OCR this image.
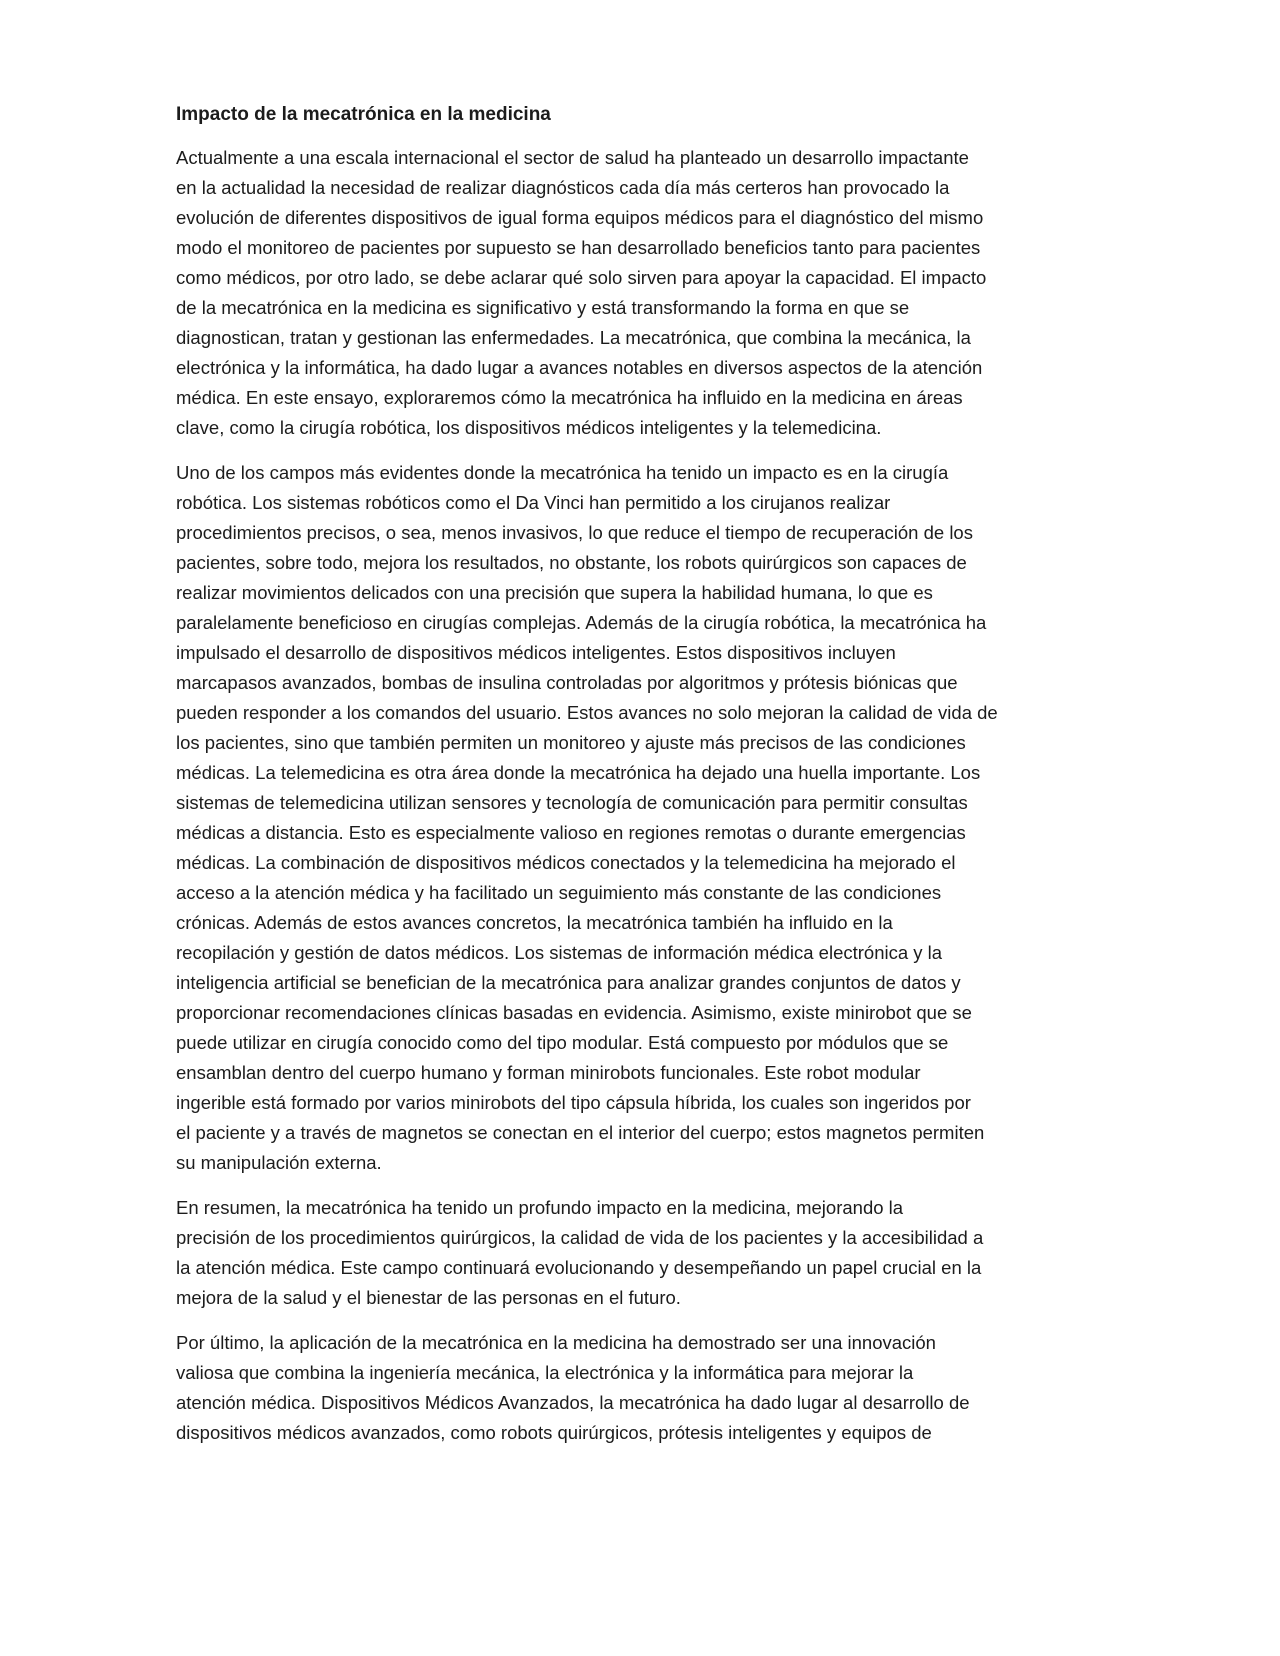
Impacto de la mecatrónica en la medicina

Actualmente a una escala internacional el sector de salud ha planteado un desarrollo impactante
en la actualidad la necesidad de realizar diagnósticos cada día más certeros han provocado la
evolución de diferentes dispositivos de igual forma equipos médicos para el diagnóstico del mismo
modo el monitoreo de pacientes por supuesto se han desarrollado beneficios tanto para pacientes
como médicos, por otro lado, se debe aclarar qué solo sirven para apoyar la capacidad. El impacto
de la mecatrónica en la medicina es significativo y está transformando la forma en que se
diagnostican, tratan y gestionan las enfermedades. La mecatrónica, que combina la mecánica, la
electrónica y la informática, ha dado lugar a avances notables en diversos aspectos de la atención
médica. En este ensayo, exploraremos cómo la mecatrónica ha influido en la medicina en áreas
clave, como la cirugía robótica, los dispositivos médicos inteligentes y la telemedicina.

Uno de los campos más evidentes donde la mecatrónica ha tenido un impacto es en la cirugía
robótica. Los sistemas robóticos como el Da Vinci han permitido a los cirujanos realizar
procedimientos precisos, o sea, menos invasivos, lo que reduce el tiempo de recuperación de los
pacientes, sobre todo, mejora los resultados, no obstante, los robots quirúrgicos son capaces de
realizar movimientos delicados con una precisión que supera la habilidad humana, lo que es
paralelamente beneficioso en cirugías complejas. Además de la cirugía robótica, la mecatrónica ha
impulsado el desarrollo de dispositivos médicos inteligentes. Estos dispositivos incluyen
marcapasos avanzados, bombas de insulina controladas por algoritmos y prótesis biónicas que
pueden responder a los comandos del usuario. Estos avances no solo mejoran la calidad de vida de
los pacientes, sino que también permiten un monitoreo y ajuste más precisos de las condiciones
médicas. La telemedicina es otra área donde la mecatrónica ha dejado una huella importante. Los
sistemas de telemedicina utilizan sensores y tecnología de comunicación para permitir consultas
médicas a distancia. Esto es especialmente valioso en regiones remotas o durante emergencias
médicas. La combinación de dispositivos médicos conectados y la telemedicina ha mejorado el
acceso a la atención médica y ha facilitado un seguimiento más constante de las condiciones
crónicas. Además de estos avances concretos, la mecatrónica también ha influido en la
recopilación y gestión de datos médicos. Los sistemas de información médica electrónica y la
inteligencia artificial se benefician de la mecatrónica para analizar grandes conjuntos de datos y
proporcionar recomendaciones clínicas basadas en evidencia. Asimismo, existe minirobot que se
puede utilizar en cirugía conocido como del tipo modular. Está compuesto por módulos que se
ensamblan dentro del cuerpo humano y forman minirobots funcionales. Este robot modular
ingerible está formado por varios minirobots del tipo cápsula híbrida, los cuales son ingeridos por
el paciente y a través de magnetos se conectan en el interior del cuerpo; estos magnetos permiten
su manipulación externa.

En resumen, la mecatrónica ha tenido un profundo impacto en la medicina, mejorando la
precisión de los procedimientos quirúrgicos, la calidad de vida de los pacientes y la accesibilidad a
la atención médica. Este campo continuará evolucionando y desempeñando un papel crucial en la
mejora de la salud y el bienestar de las personas en el futuro.

Por último, la aplicación de la mecatrónica en la medicina ha demostrado ser una innovación
valiosa que combina la ingeniería mecánica, la electrónica y la informática para mejorar la
atención médica. Dispositivos Médicos Avanzados, la mecatrónica ha dado lugar al desarrollo de
dispositivos médicos avanzados, como robots quirúrgicos, prótesis inteligentes y equipos de
